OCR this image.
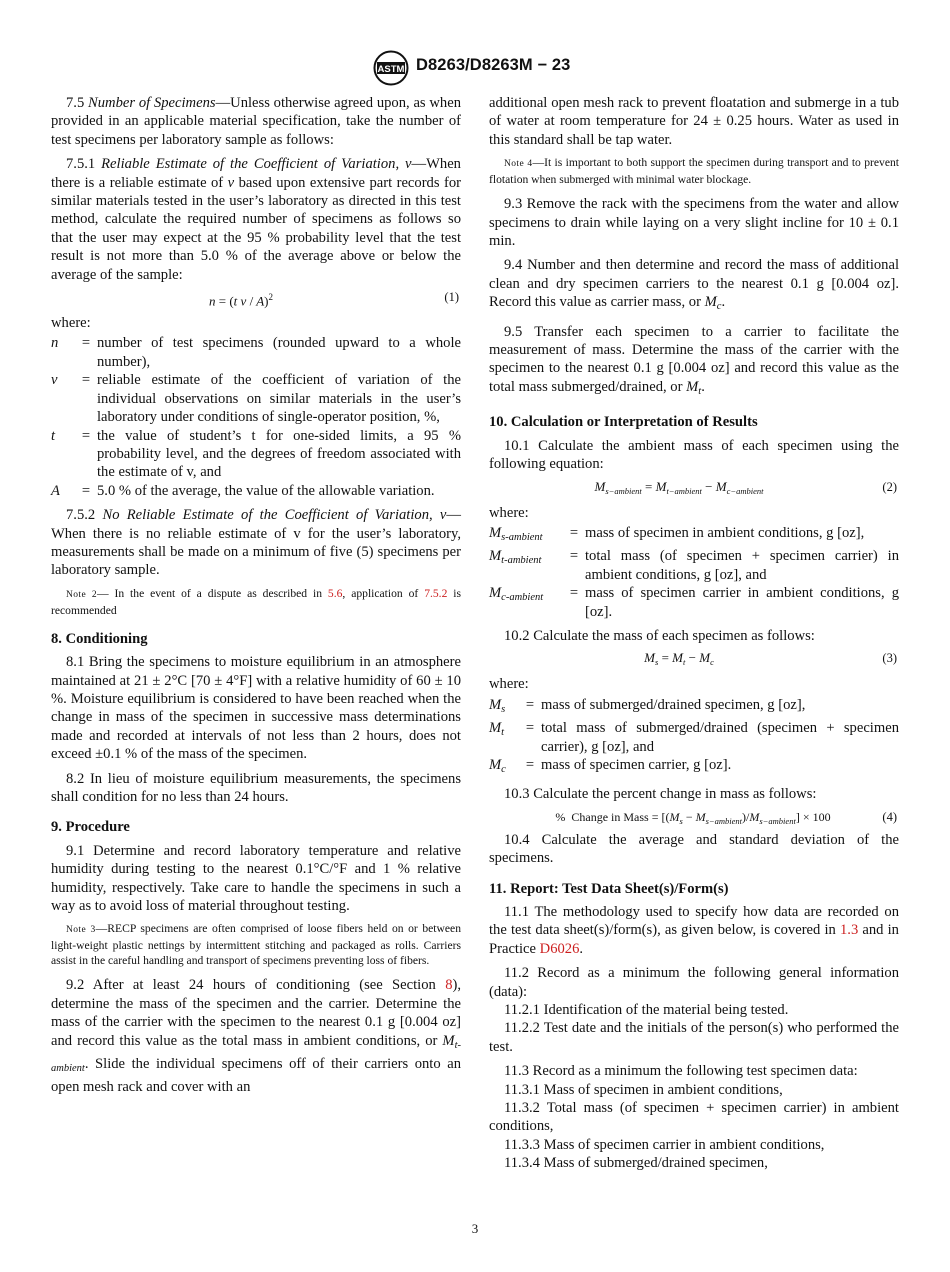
ASTM D8263/D8263M − 23

7.5 Number of Specimens—Unless otherwise agreed upon, as when provided in an applicable material specification, take the number of test specimens per laboratory sample as follows:

7.5.1 Reliable Estimate of the Coefficient of Variation, v—When there is a reliable estimate of v based upon extensive part records for similar materials tested in the user’s laboratory as directed in this test method, calculate the required number of specimens as follows so that the user may expect at the 95 % probability level that the test result is not more than 5.0 % of the average above or below the average of the sample:

n = (t v / A)$^2$	(1)
where:
n	=	number of test specimens (rounded upward to a whole number),
v	=	reliable estimate of the coefficient of variation of the individual observations on similar materials in the user’s laboratory under conditions of single-operator position, %,
t	=	the value of student’s t for one-sided limits, a 95 % probability level, and the degrees of freedom associated with the estimate of v, and
A	=	5.0 % of the average, the value of the allowable variation.

7.5.2 No Reliable Estimate of the Coefficient of Variation, v—When there is no reliable estimate of v for the user’s laboratory, measurements shall be made on a minimum of five (5) specimens per laboratory sample.

Note 2— In the event of a dispute as described in 5.6, application of 7.5.2 is recommended
8. Conditioning

8.1 Bring the specimens to moisture equilibrium in an atmosphere maintained at 21 ± 2°C [70 ± 4°F] with a relative humidity of 60 ± 10 %. Moisture equilibrium is considered to have been reached when the change in mass of the specimen in successive mass determinations made and recorded at intervals of not less than 2 hours, does not exceed ±0.1 % of the mass of the specimen.

8.2 In lieu of moisture equilibrium measurements, the specimens shall condition for no less than 24 hours.

9. Procedure

9.1 Determine and record laboratory temperature and relative humidity during testing to the nearest 0.1°C/°F and 1 % relative humidity, respectively. Take care to handle the specimens in such a way as to avoid loss of material throughout testing.

Note 3—RECP specimens are often comprised of loose fibers held on or between light-weight plastic nettings by intermittent stitching and packaged as rolls. Carriers assist in the careful handling and transport of specimens preventing loss of fibers.

9.2 After at least 24 hours of conditioning (see Section 8), determine the mass of the specimen and the carrier. Determine the mass of the carrier with the specimen to the nearest 0.1 g [0.004 oz] and record this value as the total mass in ambient conditions, or $M_{t-ambient}$. Slide the individual specimens off of their carriers onto an open mesh rack and cover with an

additional open mesh rack to prevent floatation and submerge in a tub of water at room temperature for 24 ± 0.25 hours. Water as used in this standard shall be tap water.

Note 4—It is important to both support the specimen during transport and to prevent flotation when submerged with minimal water blockage.

9.3 Remove the rack with the specimens from the water and allow specimens to drain while laying on a very slight incline for 10 ± 0.1 min.

9.4 Number and then determine and record the mass of additional clean and dry specimen carriers to the nearest 0.1 g [0.004 oz]. Record this value as carrier mass, or $M_c$.

9.5 Transfer each specimen to a carrier to facilitate the measurement of mass. Determine the mass of the carrier with the specimen to the nearest 0.1 g [0.004 oz] and record this value as the total mass submerged/drained, or $M_t$.

10. Calculation or Interpretation of Results

10.1 Calculate the ambient mass of each specimen using the following equation:

$M_{s-ambient} = M_{t-ambient} - M_{c-ambient}$	(2)
where:
$M_{s-ambient}$	=	mass of specimen in ambient conditions, g [oz],
$M_{t-ambient}$	=	total mass (of specimen + specimen carrier) in ambient conditions, g [oz], and
$M_{c-ambient}$	=	mass of specimen carrier in ambient conditions, g [oz].

10.2 Calculate the mass of each specimen as follows:

$M_s = M_t - M_c$	(3)
where:
$M_s$	=	mass of submerged/drained specimen, g [oz],
$M_t$	=	total mass of submerged/drained (specimen + specimen carrier), g [oz], and
$M_c$	=	mass of specimen carrier, g [oz].

10.3 Calculate the percent change in mass as follows:

% Change in Mass = $[(M_s - M_{s-ambient})/M_{s-ambient}] \times 100$	(4)

10.4 Calculate the average and standard deviation of the specimens.

11. Report: Test Data Sheet(s)/Form(s)

11.1 The methodology used to specify how data are recorded on the test data sheet(s)/form(s), as given below, is covered in 1.3 and in Practice D6026.

11.2 Record as a minimum the following general information (data):

11.2.1 Identification of the material being tested.

11.2.2 Test date and the initials of the person(s) who performed the test.

11.3 Record as a minimum the following test specimen data:

11.3.1 Mass of specimen in ambient conditions,

11.3.2 Total mass (of specimen + specimen carrier) in ambient conditions,

11.3.3 Mass of specimen carrier in ambient conditions,

11.3.4 Mass of submerged/drained specimen,

3
